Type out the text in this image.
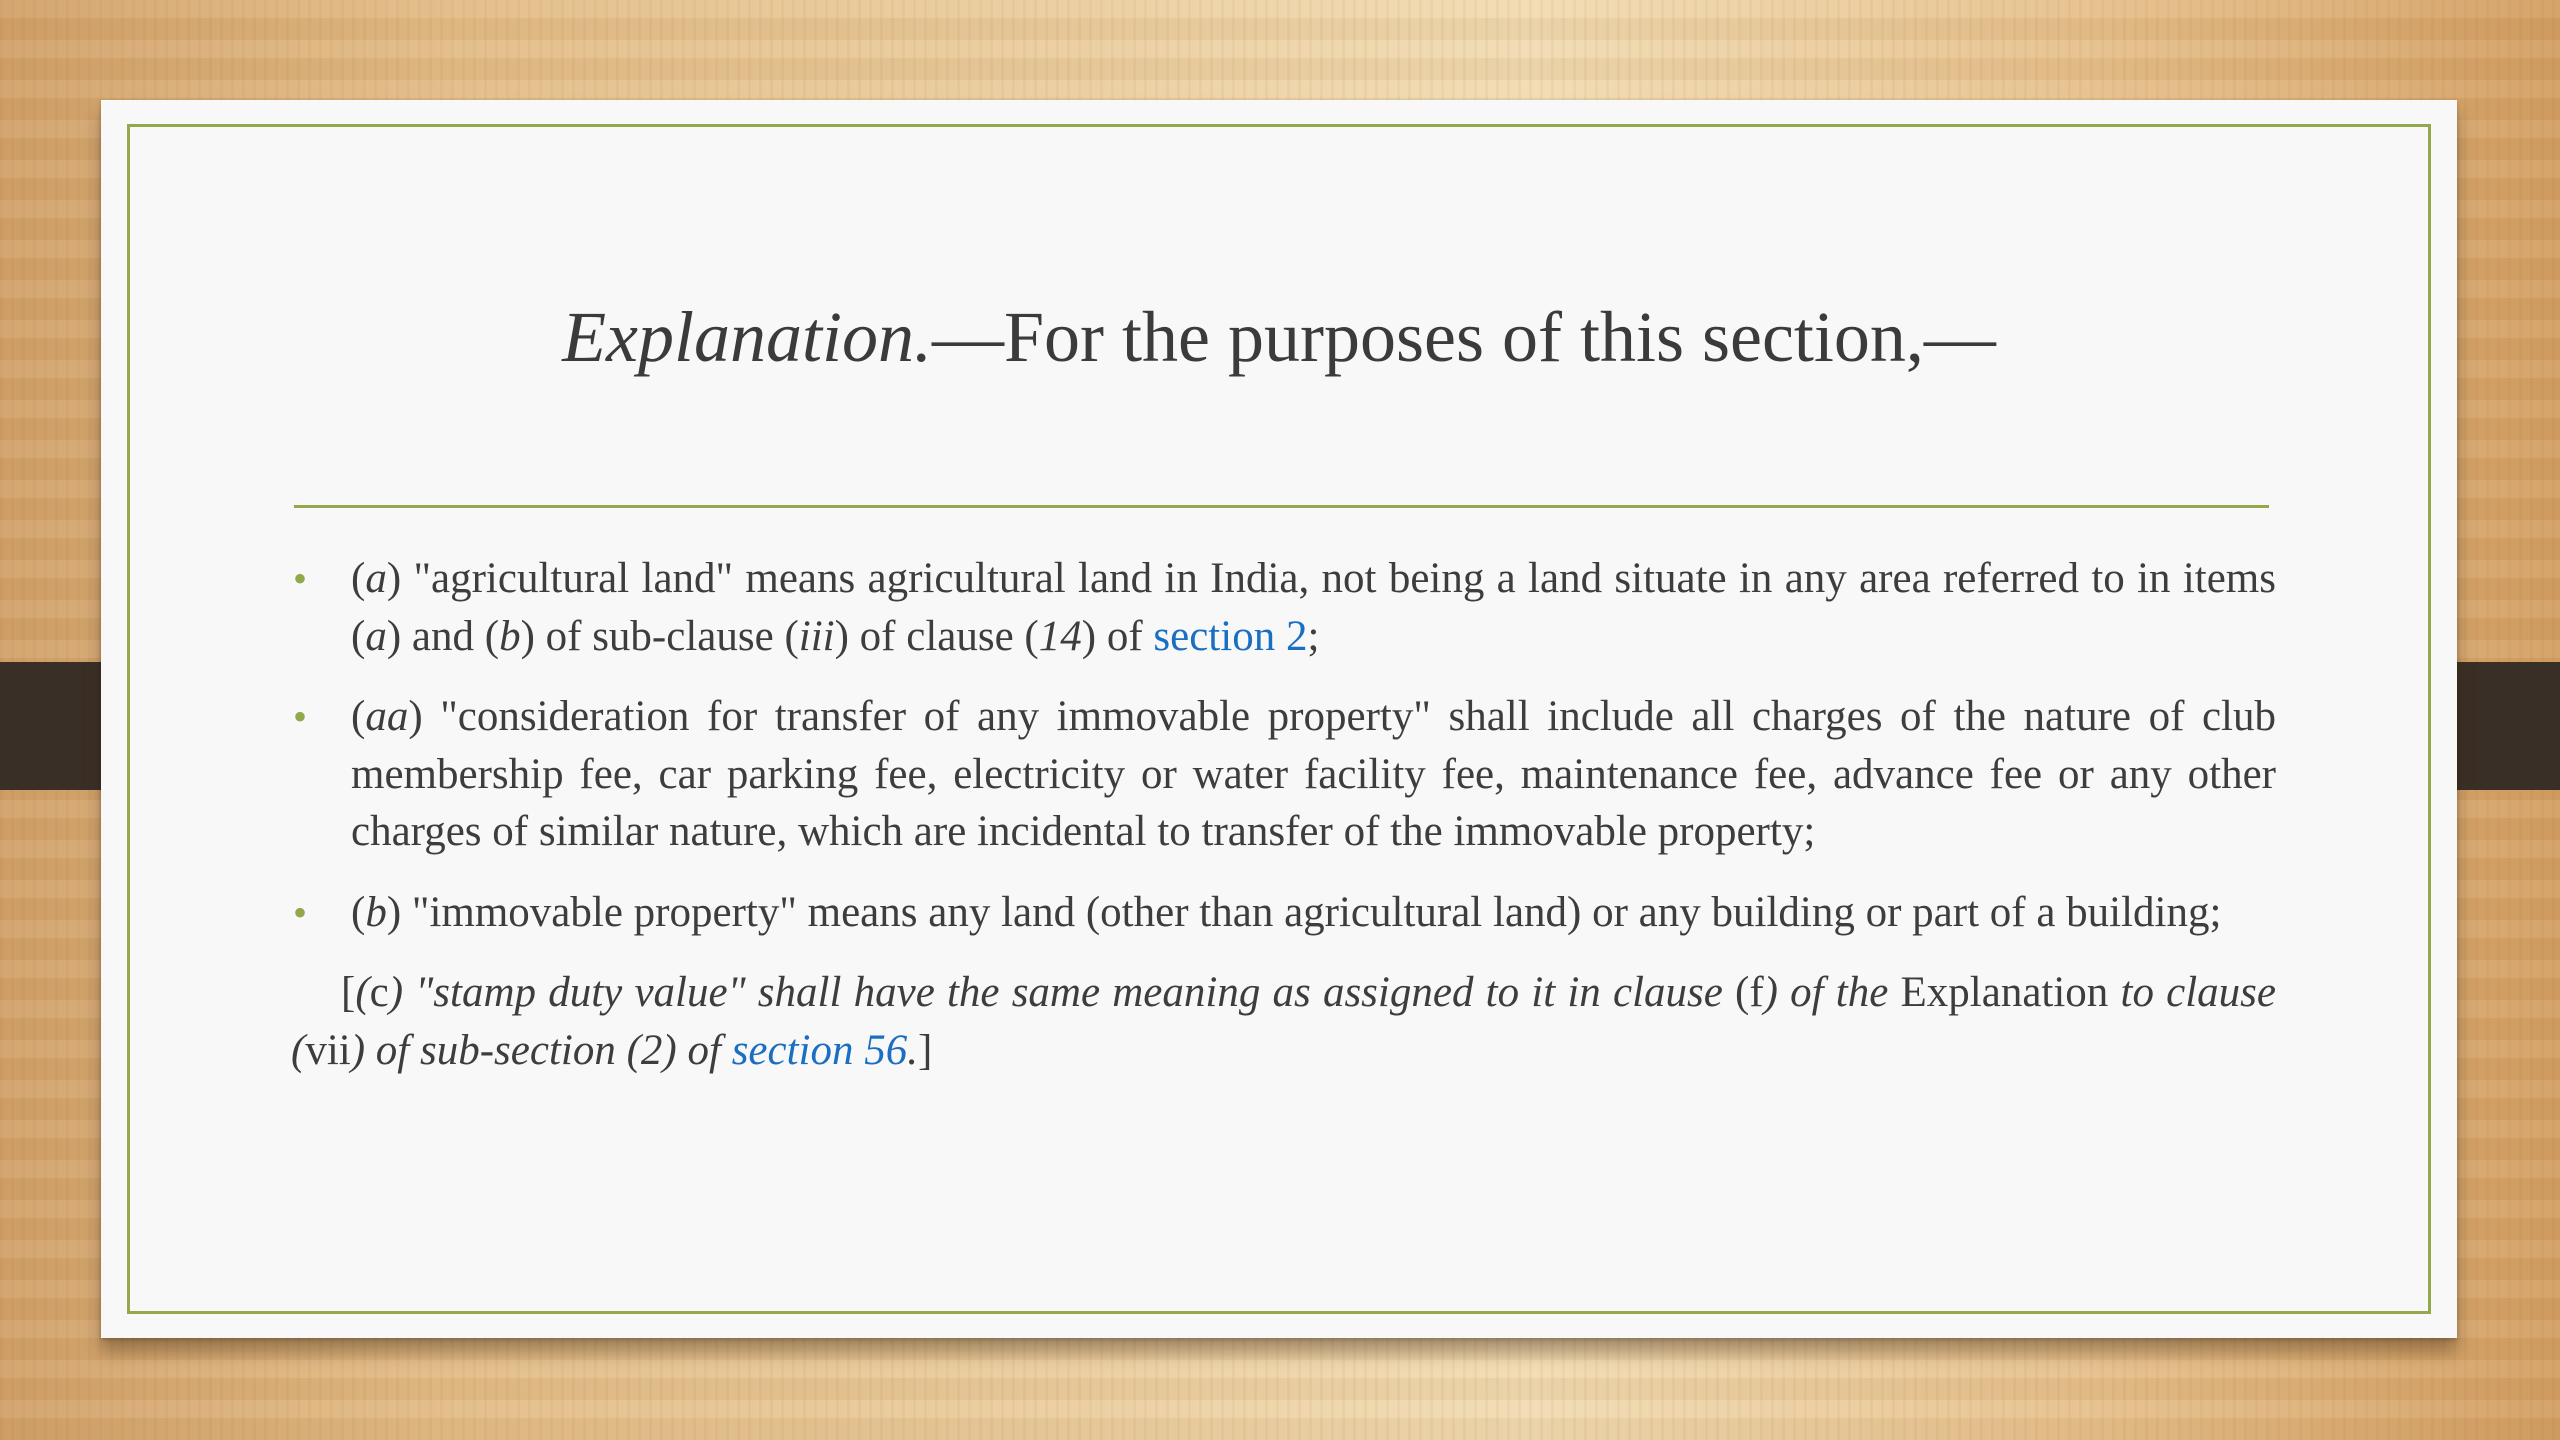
Explanation.—For the purposes of this section,—
• (a) "agricultural land" means agricultural land in India, not being a land situate in any area referred to in items (a) and (b) of sub-clause (iii) of clause (14) of section 2;
• (aa) "consideration for transfer of any immovable property" shall include all charges of the nature of club membership fee, car parking fee, electricity or water facility fee, maintenance fee, advance fee or any other charges of similar nature, which are incidental to transfer of the immovable property;
• (b) "immovable property" means any land (other than agricultural land) or any building or part of a building;
[(c) "stamp duty value" shall have the same meaning as assigned to it in clause (f) of the Explanation to clause (vii) of sub-section (2) of section 56.]
